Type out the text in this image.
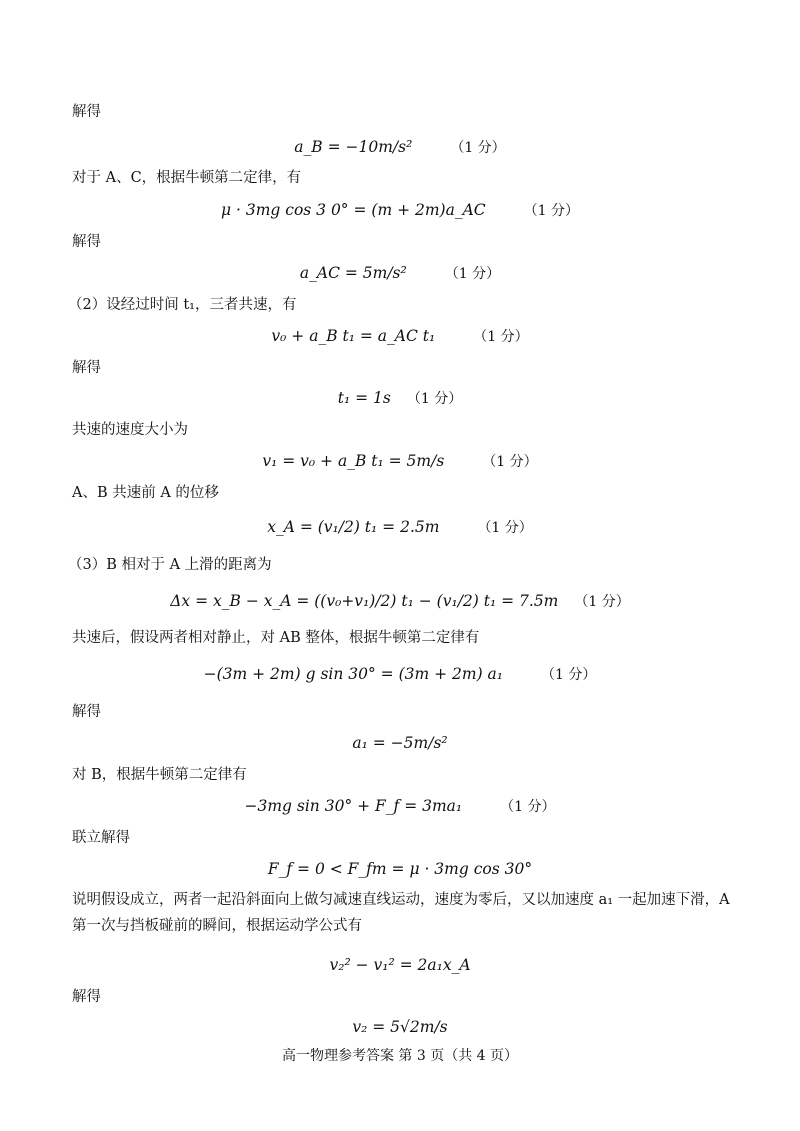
解得
a_B = −10m/s²	（1 分）
对于 A、C，根据牛顿第二定律，有
μ · 3mg cos 3 0° = (m + 2m)a_AC	（1 分）
解得
a_AC = 5m/s²	（1 分）
（2）设经过时间 t₁，三者共速，有
v₀ + a_B t₁ = a_AC t₁	（1 分）
解得
t₁ = 1s （1 分）
共速的速度大小为
v₁ = v₀ + a_B t₁ = 5m/s	（1 分）
A、B 共速前 A 的位移
x_A = (v₁/2) t₁ = 2.5m	（1 分）
（3）B 相对于 A 上滑的距离为
Δx = x_B − x_A = ((v₀+v₁)/2) t₁ − (v₁/2) t₁ = 7.5m （1 分）
共速后，假设两者相对静止，对 AB 整体，根据牛顿第二定律有
−(3m + 2m) g sin 30° = (3m + 2m) a₁	（1 分）
解得
a₁ = −5m/s²
对 B，根据牛顿第二定律有
−3mg sin 30° + F_f = 3ma₁	（1 分）
联立解得
F_f = 0 < F_fm = μ · 3mg cos 30°
说明假设成立，两者一起沿斜面向上做匀减速直线运动，速度为零后，又以加速度 a₁ 一起加速下滑，A 第一次与挡板碰前的瞬间，根据运动学公式有
v₂² − v₁² = 2a₁x_A
解得
v₂ = 5√2m/s
高一物理参考答案 第 3 页（共 4 页）
